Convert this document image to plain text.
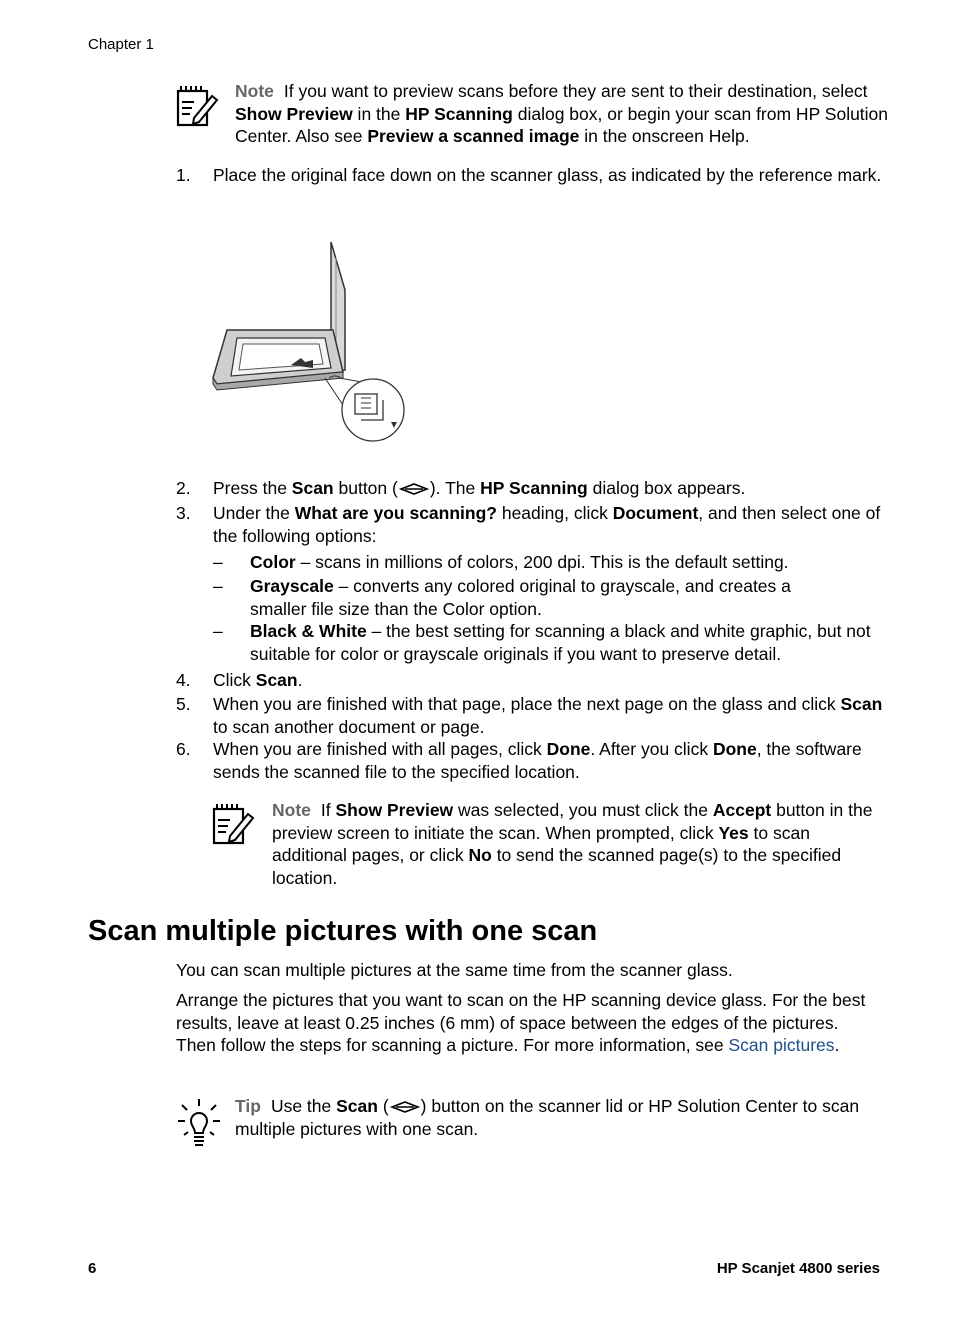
Chapter 1
Note If you want to preview scans before they are sent to their destination, select Show Preview in the HP Scanning dialog box, or begin your scan from HP Solution Center. Also see Preview a scanned image in the onscreen Help.
1. Place the original face down on the scanner glass, as indicated by the reference mark.
2. Press the Scan button ( ). The HP Scanning dialog box appears.
3. Under the What are you scanning? heading, click Document, and then select one of the following options:
– Color – scans in millions of colors, 200 dpi. This is the default setting.
– Grayscale – converts any colored original to grayscale, and creates a smaller file size than the Color option.
– Black & White – the best setting for scanning a black and white graphic, but not suitable for color or grayscale originals if you want to preserve detail.
4. Click Scan.
5. When you are finished with that page, place the next page on the glass and click Scan to scan another document or page.
6. When you are finished with all pages, click Done. After you click Done, the software sends the scanned file to the specified location.
Note If Show Preview was selected, you must click the Accept button in the preview screen to initiate the scan. When prompted, click Yes to scan additional pages, or click No to send the scanned page(s) to the specified location.
Scan multiple pictures with one scan
You can scan multiple pictures at the same time from the scanner glass.
Arrange the pictures that you want to scan on the HP scanning device glass. For the best results, leave at least 0.25 inches (6 mm) of space between the edges of the pictures. Then follow the steps for scanning a picture. For more information, see Scan pictures.
Tip Use the Scan ( ) button on the scanner lid or HP Solution Center to scan multiple pictures with one scan.
6	HP Scanjet 4800 series
